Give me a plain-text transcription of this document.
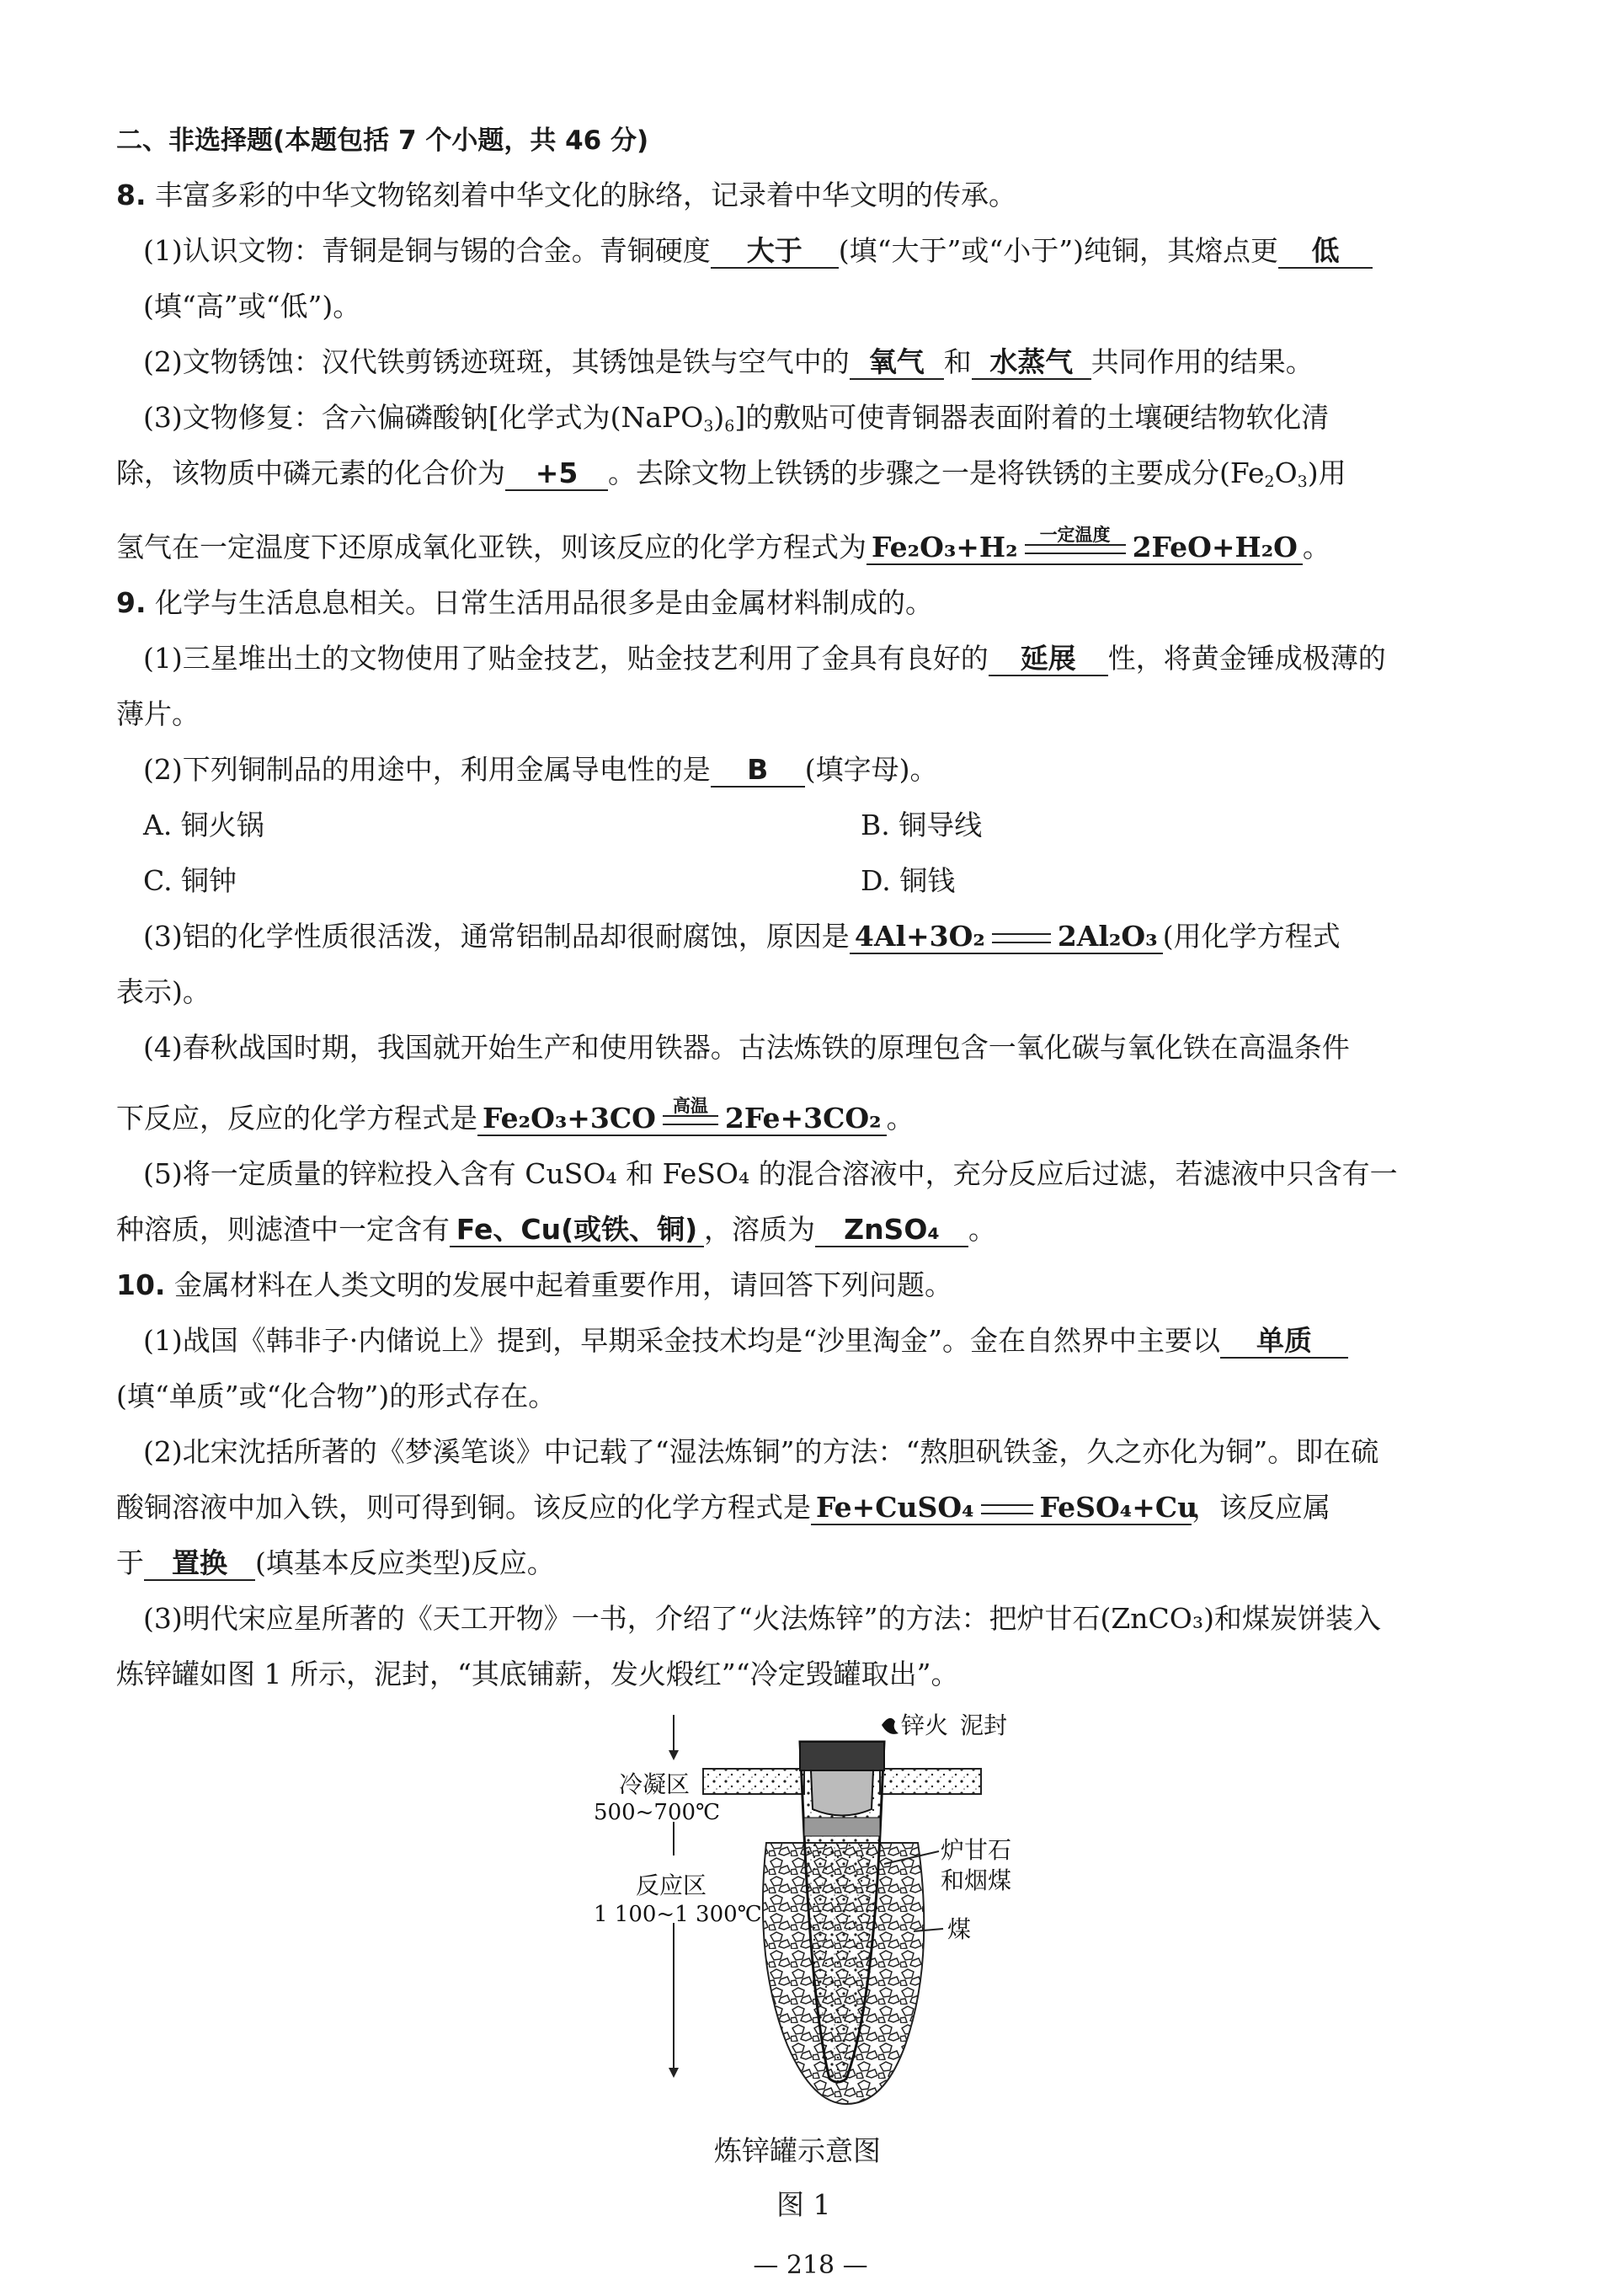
二、非选择题(本题包括 7 个小题，共 46 分)
8. 丰富多彩的中华文物铭刻着中华文化的脉络，记录着中华文明的传承。
(1)认识文物：青铜是铜与锡的合金。青铜硬度 大于 (填“大于”或“小于”)纯铜，其熔点更 低
(填“高”或“低”)。
(2)文物锈蚀：汉代铁剪锈迹斑斑，其锈蚀是铁与空气中的 氧气 和 水蒸气 共同作用的结果。
(3)文物修复：含六偏磷酸钠[化学式为$(NaPO_3)_6$]的敷贴可使青铜器表面附着的土壤硬结物软化清
除，该物质中磷元素的化合价为 +5 。去除文物上铁锈的步骤之一是将铁锈的主要成分$(Fe_2O_3)$用
氢气在一定温度下还原成氧化亚铁，则该反应的化学方程式为 Fe₂O₃+H₂	一定温度 2FeO+H₂O 。
9. 化学与生活息息相关。日常生活用品很多是由金属材料制成的。
(1)三星堆出土的文物使用了贴金技艺，贴金技艺利用了金具有良好的 延展 性，将黄金锤成极薄的
薄片。
(2)下列铜制品的用途中，利用金属导电性的是 B (填字母)。
A. 铜火锅	B. 铜导线
C. 铜钟	D. 铜钱
(3)铝的化学性质很活泼，通常铝制品却很耐腐蚀，原因是 4Al+3O₂	2Al₂O₃ (用化学方程式
表示)。
(4)春秋战国时期，我国就开始生产和使用铁器。古法炼铁的原理包含一氧化碳与氧化铁在高温条件
下反应，反应的化学方程式是 Fe₂O₃+3CO 高温 2Fe+3CO₂ 。
(5)将一定质量的锌粒投入含有 CuSO₄ 和 FeSO₄ 的混合溶液中，充分反应后过滤，若滤液中只含有一
种溶质，则滤渣中一定含有 Fe、Cu(或铁、铜) ，溶质为 ZnSO₄ 。
10. 金属材料在人类文明的发展中起着重要作用，请回答下列问题。
(1)战国《韩非子·内储说上》提到，早期采金技术均是“沙里淘金”。金在自然界中主要以 单质
(填“单质”或“化合物”)的形式存在。
(2)北宋沈括所著的《梦溪笔谈》中记载了“湿法炼铜”的方法：“熬胆矾铁釜，久之亦化为铜”。即在硫
酸铜溶液中加入铁，则可得到铜。该反应的化学方程式是 Fe+CuSO₄ FeSO₄+Cu，该反应属
于 置换 (填基本反应类型)反应。
(3)明代宋应星所著的《天工开物》一书，介绍了“火法炼锌”的方法：把炉甘石(ZnCO₃)和煤炭饼装入
炼锌罐如图 1 所示，泥封，“其底铺薪，发火煅红”“冷定毁罐取出”。
锌火 泥封
冷凝区
500~700℃
反应区
1 100~1 300℃
炉甘石
和烟煤
煤
炼锌罐示意图
图 1
— 218 —
